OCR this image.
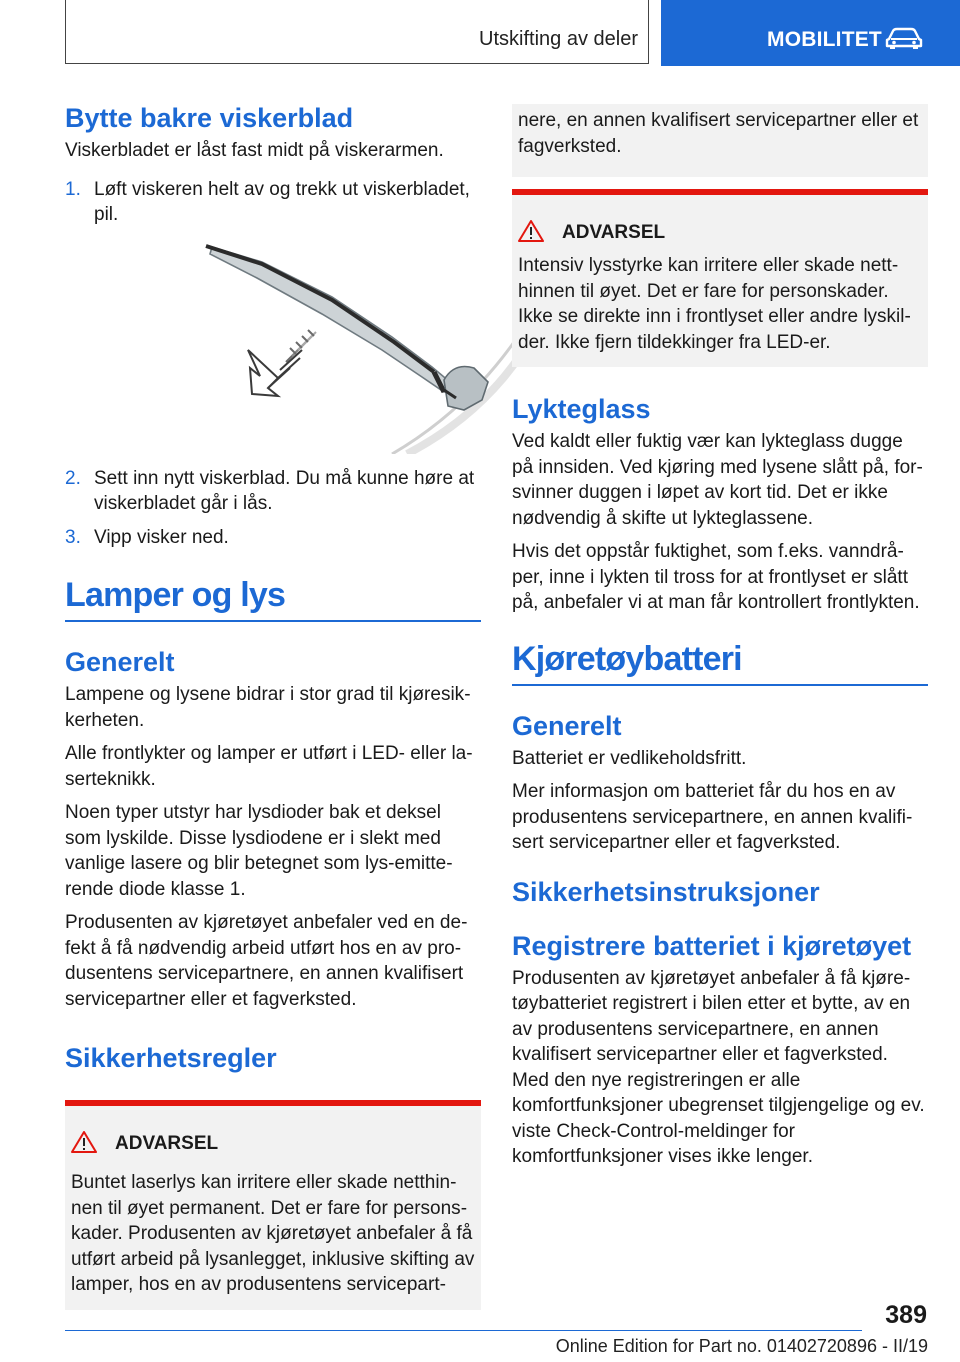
Utskifting av deler	MOBILITET
Bytte bakre viskerblad

Viskerbladet er låst fast midt på viskerarmen.

1. Løft viskeren helt av og trekk ut viskerbladet, pil.
2. Sett inn nytt viskerblad. Du må kunne høre at viskerbladet går i lås.
3. Vipp visker ned.
Lamper og lys
Generelt

Lampene og lysene bidrar i stor grad til kjøresikkerheten.

Alle frontlykter og lamper er utført i LED- eller laserteknikk.

Noen typer utstyr har lysdioder bak et deksel som lyskilde. Disse lysdiodene er i slekt med vanlige lasere og blir betegnet som lys-emitterende diode klasse 1.

Produsenten av kjøretøyet anbefaler ved en defekt å få nødvendig arbeid utført hos en av produsentens servicepartnere, en annen kvalifisert servicepartner eller et fagverksted.

Sikkerhetsregler
ADVARSEL

Buntet laserlys kan irritere eller skade netthinnen til øyet permanent. Det er fare for personskader. Produsenten av kjøretøyet anbefaler å få utført arbeid på lysanlegget, inklusive skifting av lamper, hos en av produsentens servicepart-

nere, en annen kvalifisert servicepartner eller et fagverksted.

ADVARSEL

Intensiv lysstyrke kan irritere eller skade netthinnen til øyet. Det er fare for personskader. Ikke se direkte inn i frontlyset eller andre lyskilder. Ikke fjern tildekkinger fra LED-er.

Lykteglass

Ved kaldt eller fuktig vær kan lykteglass dugge på innsiden. Ved kjøring med lysene slått på, forsvinner duggen i løpet av kort tid. Det er ikke nødvendig å skifte ut lykteglassene.

Hvis det oppstår fuktighet, som f.eks. vanndråper, inne i lykten til tross for at frontlyset er slått på, anbefaler vi at man får kontrollert frontlykten.

Kjøretøybatteri
Generelt

Batteriet er vedlikeholdsfritt.

Mer informasjon om batteriet får du hos en av produsentens servicepartnere, en annen kvalifisert servicepartner eller et fagverksted.

Sikkerhetsinstruksjoner
Registrere batteriet i kjøretøyet

Produsenten av kjøretøyet anbefaler å få kjøretøybatteriet registrert i bilen etter et bytte, av en av produsentens servicepartnere, en annen kvalifisert servicepartner eller et fagverksted. Med den nye registreringen er alle komfortfunksjoner ubegrenset tilgjengelige og ev. viste Check-Control-meldinger for komfortfunksjoner vises ikke lenger.

389
Online Edition for Part no. 01402720896 - II/19
